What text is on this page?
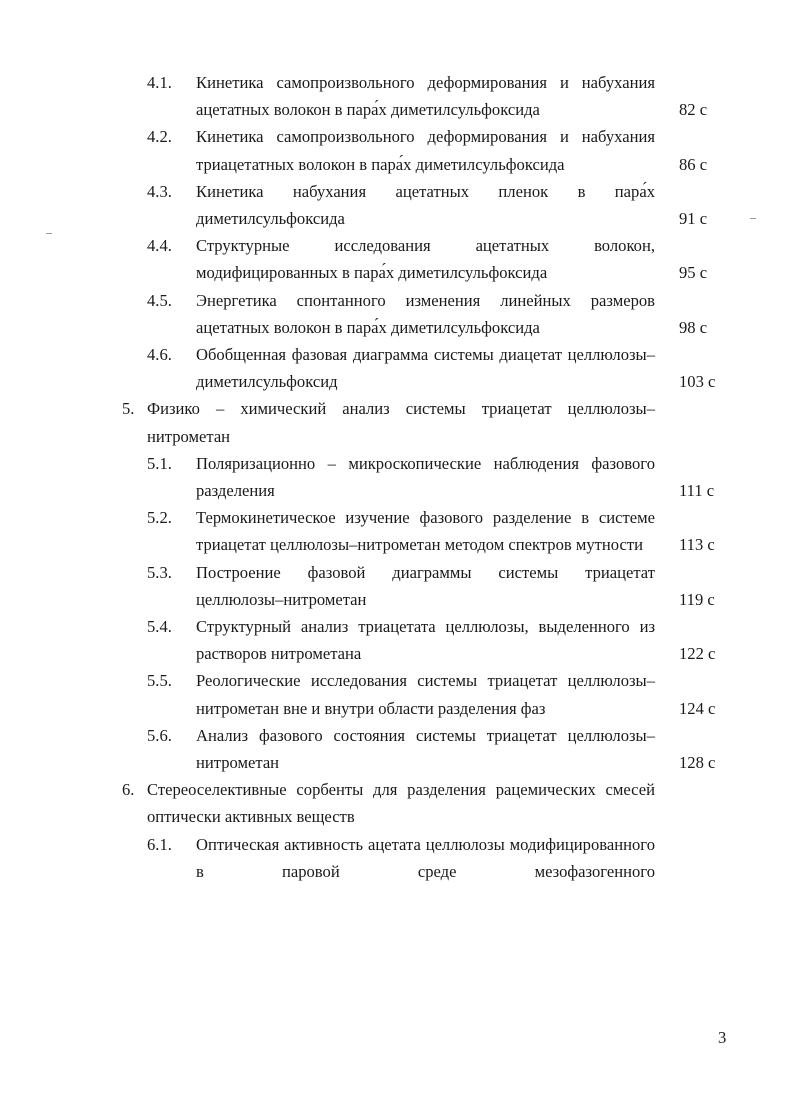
4.1. Кинетика самопроизвольного деформирования и набухания ацетатных волокон в пара́х диметилсульфоксида	82 с
4.2. Кинетика самопроизвольного деформирования и набухания триацетатных волокон в пара́х диметилсульфоксида	86 с
4.3. Кинетика набухания ацетатных пленок в пара́х диметилсульфоксида	91 с
4.4. Структурные исследования ацетатных волокон, модифицированных в пара́х диметилсульфоксида	95 с
4.5. Энергетика спонтанного изменения линейных размеров ацетатных волокон в пара́х диметилсульфоксида	98 с
4.6. Обобщенная фазовая диаграмма системы диацетат целлюлозы–диметилсульфоксид	103 с
5. Физико – химический анализ системы триацетат целлюлозы–нитрометан
5.1. Поляризационно – микроскопические наблюдения фазового разделения	111 с
5.2. Термокинетическое изучение фазового разделение в системе триацетат целлюлозы–нитрометан методом спектров мутности	113 с
5.3. Построение фазовой диаграммы системы триацетат целлюлозы–нитрометан	119 с
5.4. Структурный анализ триацетата целлюлозы, выделенного из растворов нитрометана	122 с
5.5. Реологические исследования системы триацетат целлюлозы–нитрометан вне и внутри области разделения фаз	124 с
5.6. Анализ фазового состояния системы триацетат целлюлозы–нитрометан	128 с
6. Стереоселективные сорбенты для разделения рацемических смесей оптически активных веществ
6.1. Оптическая активность ацетата целлюлозы модифицированного в паровой среде мезофазогенного
3
